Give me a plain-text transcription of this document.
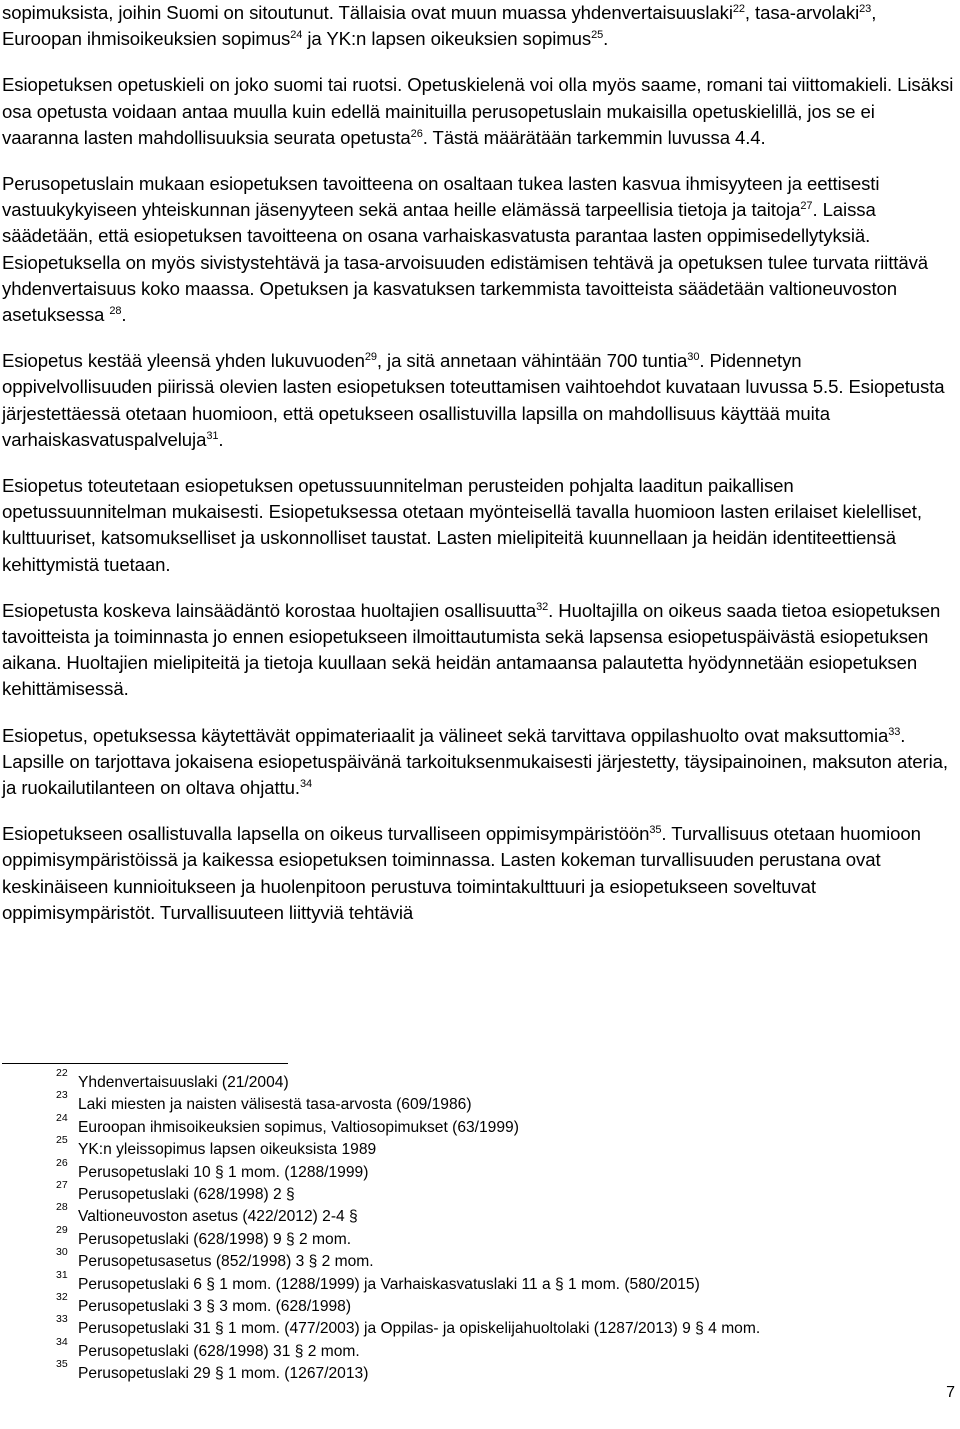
sopimuksista, joihin Suomi on sitoutunut. Tällaisia ovat muun muassa yhdenvertaisuuslaki$^{22}$, tasa-arvolaki$^{23}$, Euroopan ihmisoikeuksien sopimus$^{24}$ ja YK:n lapsen oikeuksien sopimus$^{25}$.

Esiopetuksen opetuskieli on joko suomi tai ruotsi. Opetuskielenä voi olla myös saame, romani tai viittomakieli. Lisäksi osa opetusta voidaan antaa muulla kuin edellä mainituilla perusopetuslain mukaisilla opetuskielillä, jos se ei vaaranna lasten mahdollisuuksia seurata opetusta$^{26}$. Tästä määrätään tarkemmin luvussa 4.4.

Perusopetuslain mukaan esiopetuksen tavoitteena on osaltaan tukea lasten kasvua ihmisyyteen ja eettisesti vastuukykyiseen yhteiskunnan jäsenyyteen sekä antaa heille elämässä tarpeellisia tietoja ja taitoja$^{27}$. Laissa säädetään, että esiopetuksen tavoitteena on osana varhaiskasvatusta parantaa lasten oppimisedellytyksiä. Esiopetuksella on myös sivistystehtävä ja tasa-arvoisuuden edistämisen tehtävä ja opetuksen tulee turvata riittävä yhdenvertaisuus koko maassa. Opetuksen ja kasvatuksen tarkemmista tavoitteista säädetään valtioneuvoston asetuksessa $^{28}$.

Esiopetus kestää yleensä yhden lukuvuoden$^{29}$, ja sitä annetaan vähintään 700 tuntia$^{30}$. Pidennetyn oppivelvollisuuden piirissä olevien lasten esiopetuksen toteuttamisen vaihtoehdot kuvataan luvussa 5.5. Esiopetusta järjestettäessä otetaan huomioon, että opetukseen osallistuvilla lapsilla on mahdollisuus käyttää muita varhaiskasvatuspalveluja$^{31}$.

Esiopetus toteutetaan esiopetuksen opetussuunnitelman perusteiden pohjalta laaditun paikallisen opetussuunnitelman mukaisesti. Esiopetuksessa otetaan myönteisellä tavalla huomioon lasten erilaiset kielelliset, kulttuuriset, katsomukselliset ja uskonnolliset taustat. Lasten mielipiteitä kuunnellaan ja heidän identiteettiensä kehittymistä tuetaan.

Esiopetusta koskeva lainsäädäntö korostaa huoltajien osallisuutta$^{32}$. Huoltajilla on oikeus saada tietoa esiopetuksen tavoitteista ja toiminnasta jo ennen esiopetukseen ilmoittautumista sekä lapsensa esiopetuspäivästä esiopetuksen aikana. Huoltajien mielipiteitä ja tietoja kuullaan sekä heidän antamaansa palautetta hyödynnetään esiopetuksen kehittämisessä.

Esiopetus, opetuksessa käytettävät oppimateriaalit ja välineet sekä tarvittava oppilashuolto ovat maksuttomia$^{33}$. Lapsille on tarjottava jokaisena esiopetuspäivänä tarkoituksenmukaisesti järjestetty, täysipainoinen, maksuton ateria, ja ruokailutilanteen on oltava ohjattu.$^{34}$

Esiopetukseen osallistuvalla lapsella on oikeus turvalliseen oppimisympäristöön$^{35}$. Turvallisuus otetaan huomioon oppimisympäristöissä ja kaikessa esiopetuksen toiminnassa. Lasten kokeman turvallisuuden perustana ovat keskinäiseen kunnioitukseen ja huolenpitoon perustuva toimintakulttuuri ja esiopetukseen soveltuvat oppimisympäristöt. Turvallisuuteen liittyviä tehtäviä

22
Yhdenvertaisuuslaki (21/2004)
23
Laki miesten ja naisten välisestä tasa-arvosta (609/1986)
24
Euroopan ihmisoikeuksien sopimus, Valtiosopimukset (63/1999)
25
YK:n yleissopimus lapsen oikeuksista 1989
26
Perusopetuslaki 10 § 1 mom. (1288/1999)
27
Perusopetuslaki (628/1998) 2 §
28
Valtioneuvoston asetus (422/2012) 2-4 §
29
Perusopetuslaki (628/1998) 9 § 2 mom.
30
Perusopetusasetus (852/1998) 3 § 2 mom.
31
Perusopetuslaki 6 § 1 mom. (1288/1999) ja Varhaiskasvatuslaki 11 a § 1 mom. (580/2015)
32
Perusopetuslaki 3 § 3 mom. (628/1998)
33
Perusopetuslaki 31 § 1 mom. (477/2003) ja Oppilas- ja opiskelijahuoltolaki (1287/2013) 9 § 4 mom.
34
Perusopetuslaki (628/1998) 31 § 2 mom.
35
Perusopetuslaki 29 § 1 mom. (1267/2013)
7
